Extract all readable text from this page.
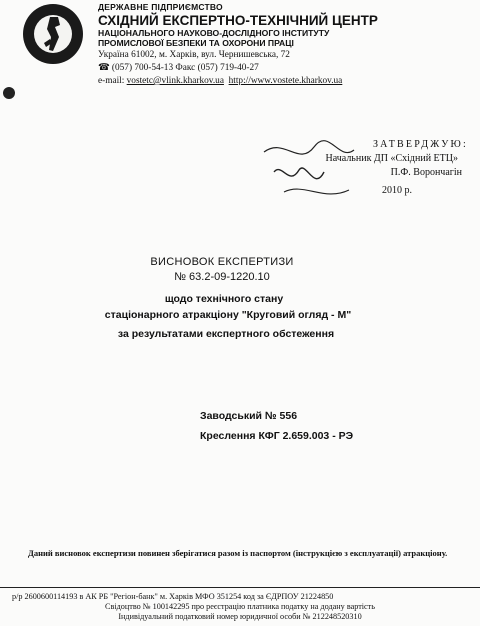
ДЕРЖАВНЕ ПІДПРИЄМСТВО
СХІДНИЙ ЕКСПЕРТНО-ТЕХНІЧНИЙ ЦЕНТР
НАЦІОНАЛЬНОГО НАУКОВО-ДОСЛІДНОГО ІНСТИТУТУ
ПРОМИСЛОВОЇ БЕЗПЕКИ ТА ОХОРОНИ ПРАЦІ
Україна 61002, м. Харків, вул. Чернишевська, 72
☎ (057) 700-54-13 Факс (057) 719-40-27
e-mail: vostetc@vlink.kharkov.ua http://www.vostete.kharkov.ua
ЗАТВЕРДЖУЮ:
Начальник ДП «Східний ЕТЦ»
П.Ф. Ворончагін
2010 р.
ВИСНОВОК ЕКСПЕРТИЗИ
№ 63.2-09-1220.10
щодо технічного стану
стаціонарного атракціону "Круговий огляд - М"
за результатами експертного обстеження
Заводський № 556
Креслення КФГ 2.659.003 - РЭ
Даний висновок експертизи повинен зберігатися разом із паспортом (інструкцією з експлуатації) атракціону.
р/р 2600600114193 в АК РБ "Регіон-банк" м. Харків МФО 351254 код за ЄДРПОУ 21224850
Свідоцтво № 100142295 про реєстрацію платника податку на додану вартість
Індивідуальний податковий номер юридичної особи № 212248520310
